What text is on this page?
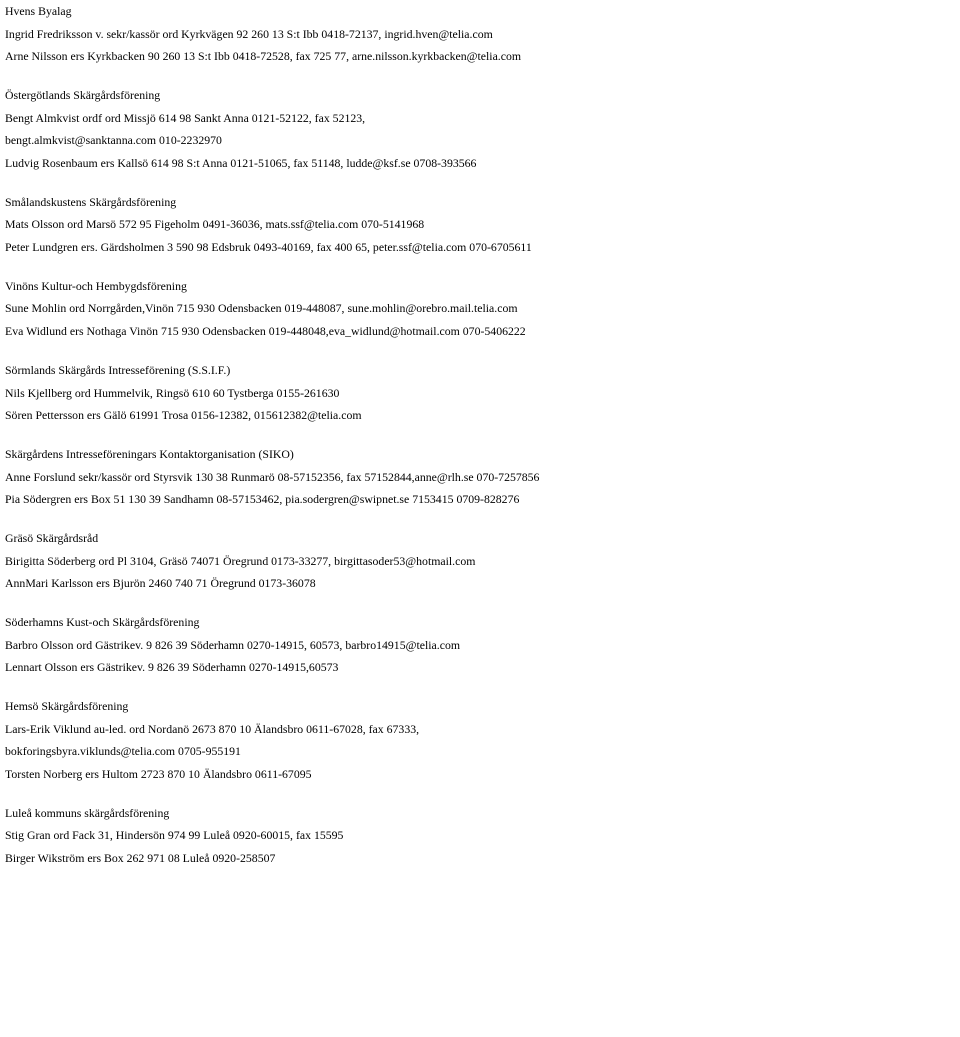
Hvens Byalag
Ingrid Fredriksson v. sekr/kassör ord Kyrkvägen 92 260 13 S:t Ibb 0418-72137, ingrid.hven@telia.com
Arne Nilsson ers Kyrkbacken 90 260 13 S:t Ibb 0418-72528, fax 725 77, arne.nilsson.kyrkbacken@telia.com
Östergötlands Skärgårdsförening
Bengt Almkvist ordf ord Missjö 614 98 Sankt Anna 0121-52122, fax 52123,
bengt.almkvist@sanktanna.com 010-2232970
Ludvig Rosenbaum ers Kallsö 614 98 S:t Anna 0121-51065, fax 51148, ludde@ksf.se 0708-393566
Smålandskustens Skärgårdsförening
Mats Olsson ord Marsö 572 95 Figeholm 0491-36036, mats.ssf@telia.com 070-5141968
Peter Lundgren ers. Gärdsholmen 3 590 98 Edsbruk 0493-40169, fax 400 65, peter.ssf@telia.com 070-6705611
Vinöns Kultur-och Hembygdsförening
Sune Mohlin ord Norrgården,Vinön 715 930 Odensbacken 019-448087, sune.mohlin@orebro.mail.telia.com
Eva Widlund ers Nothaga Vinön 715 930 Odensbacken 019-448048,eva_widlund@hotmail.com 070-5406222
Sörmlands Skärgårds Intresseförening (S.S.I.F.)
Nils Kjellberg ord Hummelvik, Ringsö 610 60 Tystberga 0155-261630
Sören Pettersson ers Gälö 61991 Trosa 0156-12382, 015612382@telia.com
Skärgårdens Intresseföreningars Kontaktorganisation (SIKO)
Anne Forslund sekr/kassör ord Styrsvik 130 38 Runmarö 08-57152356, fax 57152844,anne@rlh.se 070-7257856
Pia Södergren ers Box 51 130 39 Sandhamn 08-57153462, pia.sodergren@swipnet.se 7153415 0709-828276
Gräsö Skärgårdsråd
Birigitta Söderberg ord Pl 3104, Gräsö 74071 Öregrund 0173-33277, birgittasoder53@hotmail.com
AnnMari Karlsson ers Bjurön 2460 740 71 Öregrund 0173-36078
Söderhamns Kust-och Skärgårdsförening
Barbro Olsson ord Gästrikev. 9 826 39 Söderhamn 0270-14915, 60573, barbro14915@telia.com
Lennart Olsson ers Gästrikev. 9 826 39 Söderhamn 0270-14915,60573
Hemsö Skärgårdsförening
Lars-Erik Viklund au-led. ord Nordanö 2673 870 10 Älandsbro 0611-67028, fax 67333,
bokforingsbyra.viklunds@telia.com 0705-955191
Torsten Norberg ers Hultom 2723 870 10 Älandsbro 0611-67095
Luleå kommuns skärgårdsförening
Stig Gran ord Fack 31, Hindersön 974 99 Luleå 0920-60015, fax 15595
Birger Wikström ers Box 262 971 08 Luleå 0920-258507
